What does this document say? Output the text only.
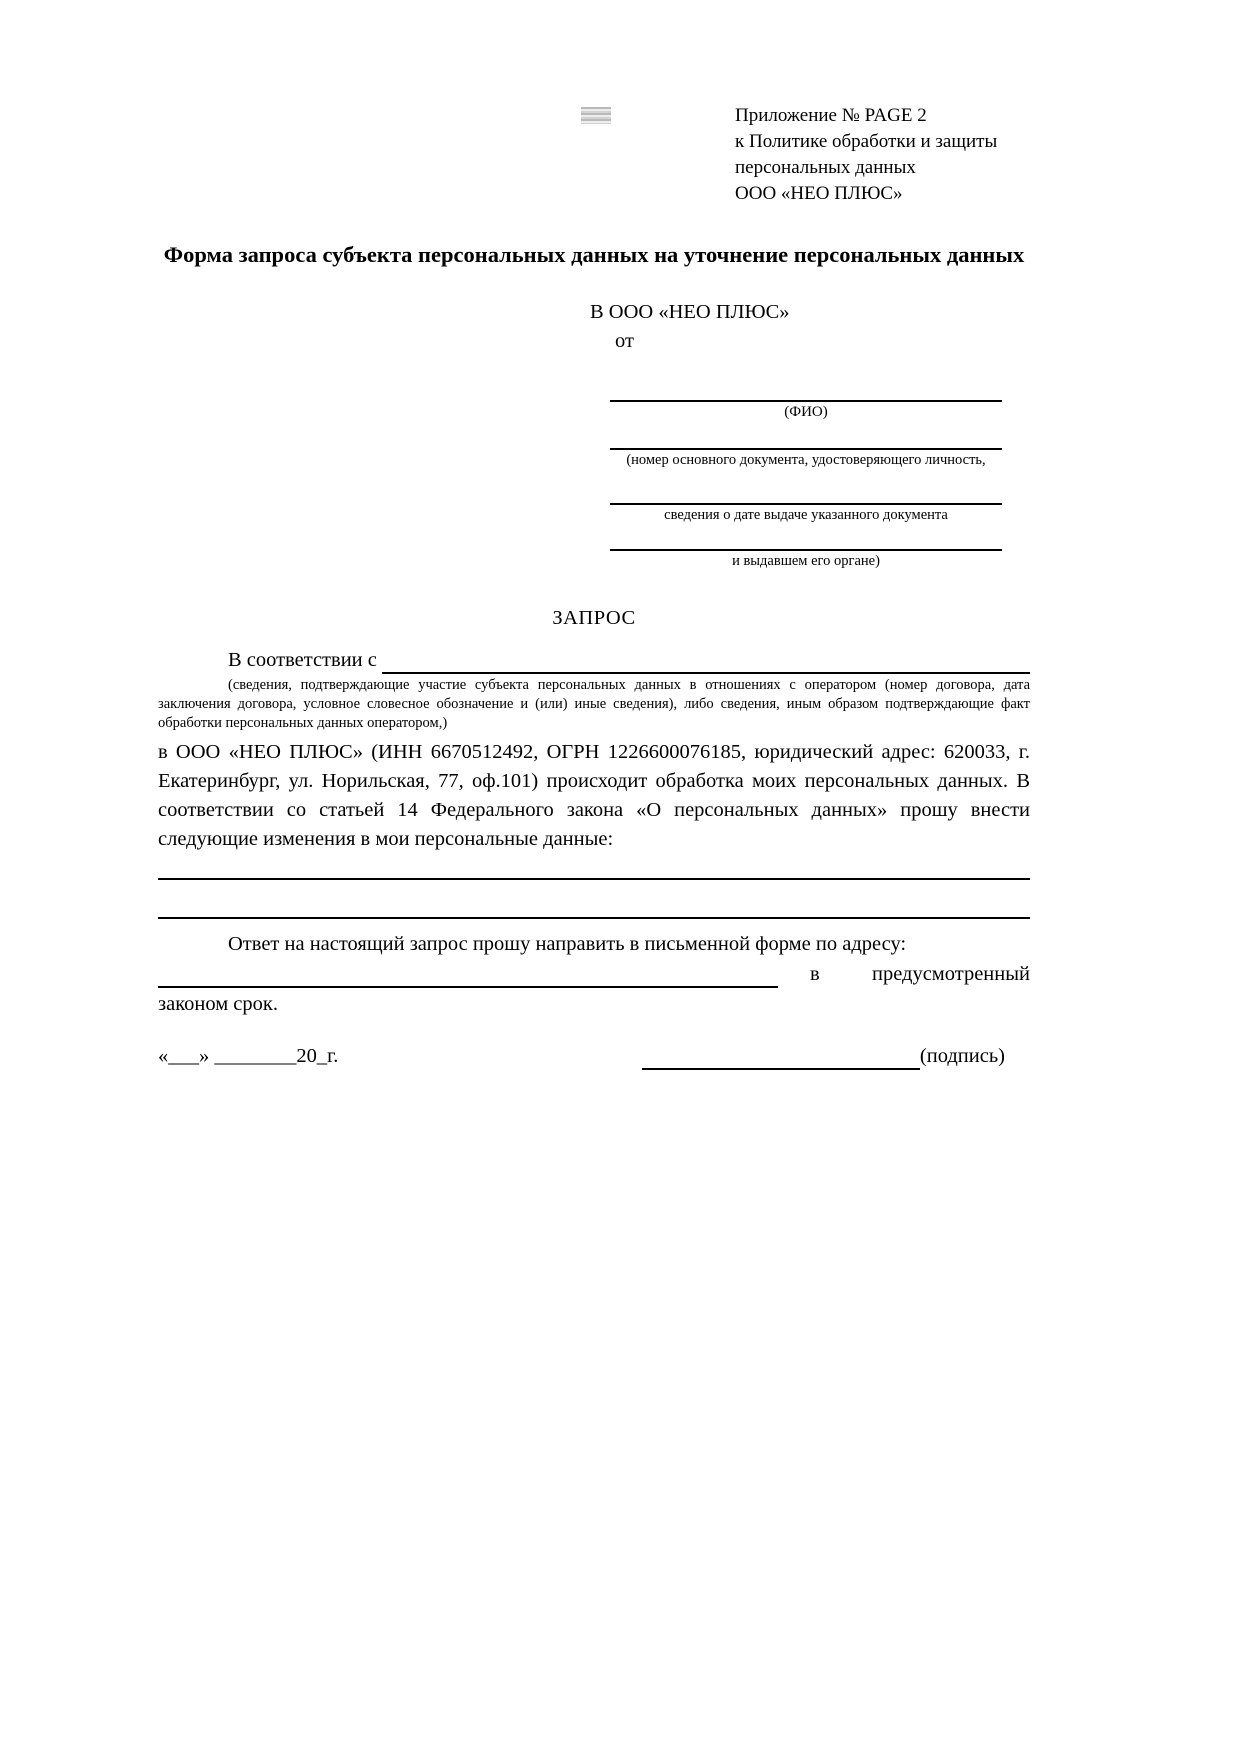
Приложение № PAGE 2
к Политике обработки и защиты
персональных данных
ООО «НЕО ПЛЮС»
Форма запроса субъекта персональных данных на уточнение персональных данных
В ООО «НЕО ПЛЮС»
от
(ФИО)
(номер основного документа, удостоверяющего личность,
сведения о дате выдаче указанного документа
и выдавшем его органе)
ЗАПРОС
В соответствии с
(сведения, подтверждающие участие субъекта персональных данных в отношениях с оператором (номер договора, дата заключения договора, условное словесное обозначение и (или) иные сведения), либо сведения, иным образом подтверждающие факт обработки персональных данных оператором,)
в ООО «НЕО ПЛЮС» (ИНН 6670512492, ОГРН 1226600076185, юридический адрес: 620033, г. Екатеринбург, ул. Норильская, 77, оф.101) происходит обработка моих персональных данных. В соответствии со статьей 14 Федерального закона «О персональных данных» прошу внести следующие изменения в мои персональные данные:
Ответ на настоящий запрос прошу направить в письменной форме по адресу:
в	предусмотренный
законом срок.
«___» ________20_г.	(подпись)
